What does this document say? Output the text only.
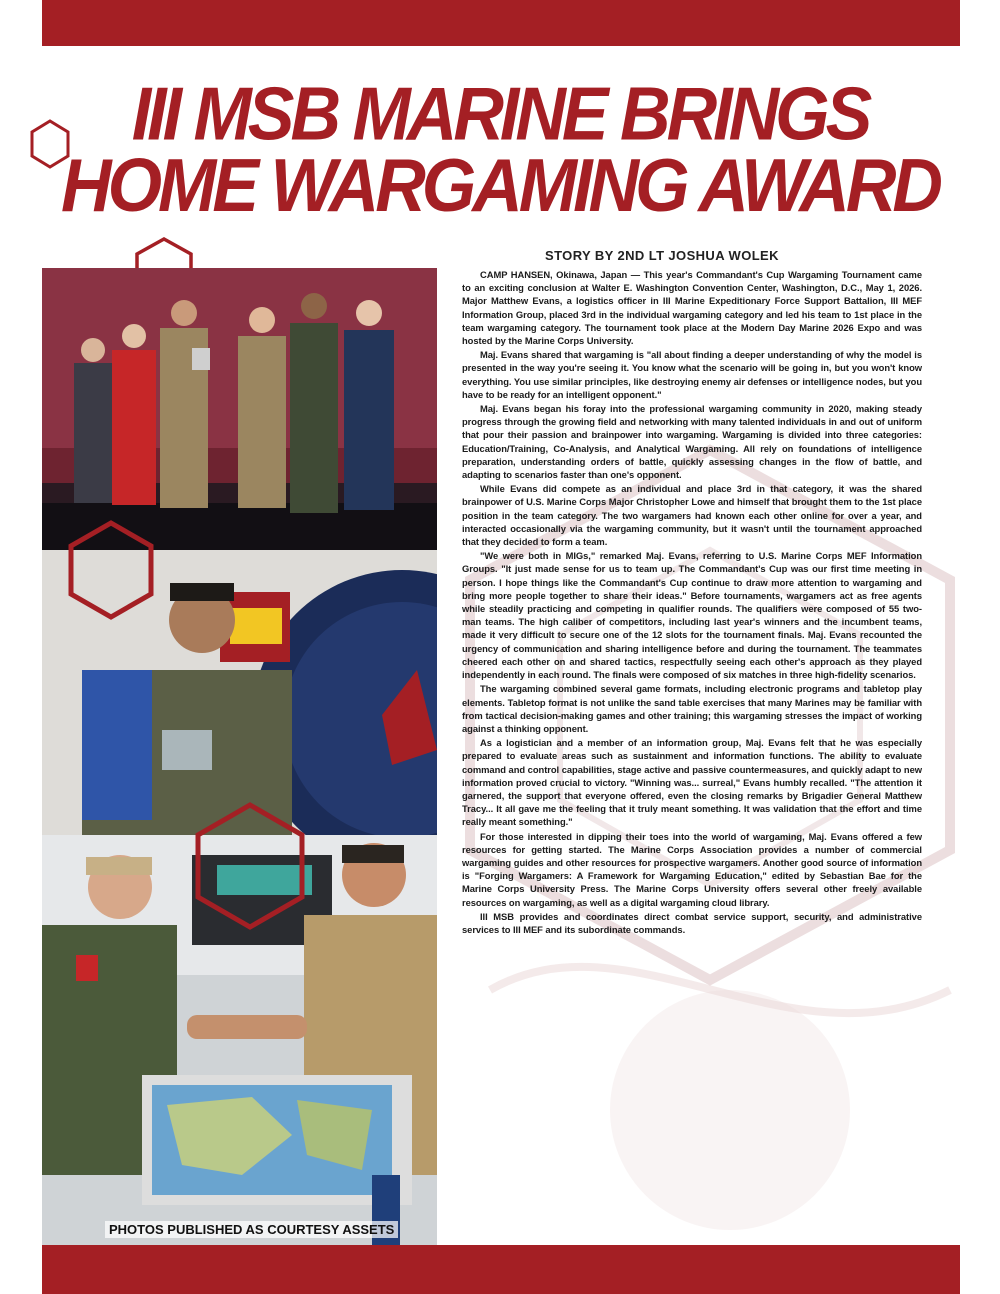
III MSB MARINE BRINGS
HOME WARGAMING AWARD
STORY BY 2ND LT JOSHUA WOLEK
PHOTOS PUBLISHED AS COURTESY ASSETS

CAMP HANSEN, Okinawa, Japan — This year's Commandant's Cup Wargaming Tournament came to an exciting conclusion at Walter E. Washington Convention Center, Washington, D.C., May 1, 2026. Major Matthew Evans, a logistics officer in III Marine Expeditionary Force Support Battalion, III MEF Information Group, placed 3rd in the individual wargaming category and led his team to 1st place in the team wargaming category. The tournament took place at the Modern Day Marine 2026 Expo and was hosted by the Marine Corps University.

Maj. Evans shared that wargaming is "all about finding a deeper understanding of why the model is presented in the way you're seeing it. You know what the scenario will be going in, but you won't know everything. You use similar principles, like destroying enemy air defenses or intelligence nodes, but you have to be ready for an intelligent opponent."

Maj. Evans began his foray into the professional wargaming community in 2020, making steady progress through the growing field and networking with many talented individuals in and out of uniform that pour their passion and brainpower into wargaming. Wargaming is divided into three categories: Education/Training, Co-Analysis, and Analytical Wargaming. All rely on foundations of intelligence preparation, understanding orders of battle, quickly assessing changes in the flow of battle, and adapting to scenarios faster than one's opponent.

While Evans did compete as an individual and place 3rd in that category, it was the shared brainpower of U.S. Marine Corps Major Christopher Lowe and himself that brought them to the 1st place position in the team category. The two wargamers had known each other online for over a year, and interacted occasionally via the wargaming community, but it wasn't until the tournament approached that they decided to form a team.

"We were both in MIGs," remarked Maj. Evans, referring to U.S. Marine Corps MEF Information Groups. "It just made sense for us to team up. The Commandant's Cup was our first time meeting in person. I hope things like the Commandant's Cup continue to draw more attention to wargaming and bring more people together to share their ideas." Before tournaments, wargamers act as free agents while steadily practicing and competing in qualifier rounds. The qualifiers were composed of 55 two-man teams. The high caliber of competitors, including last year's winners and the incumbent teams, made it very difficult to secure one of the 12 slots for the tournament finals. Maj. Evans recounted the urgency of communication and sharing intelligence before and during the tournament. The teammates cheered each other on and shared tactics, respectfully seeing each other's approach as they played independently in each round. The finals were composed of six matches in three high-fidelity scenarios.

The wargaming combined several game formats, including electronic programs and tabletop play elements. Tabletop format is not unlike the sand table exercises that many Marines may be familiar with from tactical decision-making games and other training; this wargaming stresses the impact of working against a thinking opponent.

As a logistician and a member of an information group, Maj. Evans felt that he was especially prepared to evaluate areas such as sustainment and information functions. The ability to evaluate command and control capabilities, stage active and passive countermeasures, and quickly adapt to new information proved crucial to victory. "Winning was... surreal," Evans humbly recalled. "The attention it garnered, the support that everyone offered, even the closing remarks by Brigadier General Matthew Tracy... It all gave me the feeling that it truly meant something. It was validation that the effort and time really meant something."

For those interested in dipping their toes into the world of wargaming, Maj. Evans offered a few resources for getting started. The Marine Corps Association provides a number of commercial wargaming guides and other resources for prospective wargamers. Another good source of information is "Forging Wargamers: A Framework for Wargaming Education," edited by Sebastian Bae for the Marine Corps University Press. The Marine Corps University offers several other freely available resources on wargaming, as well as a digital wargaming cloud library.

III MSB provides and coordinates direct combat service support, security, and administrative services to III MEF and its subordinate commands.
